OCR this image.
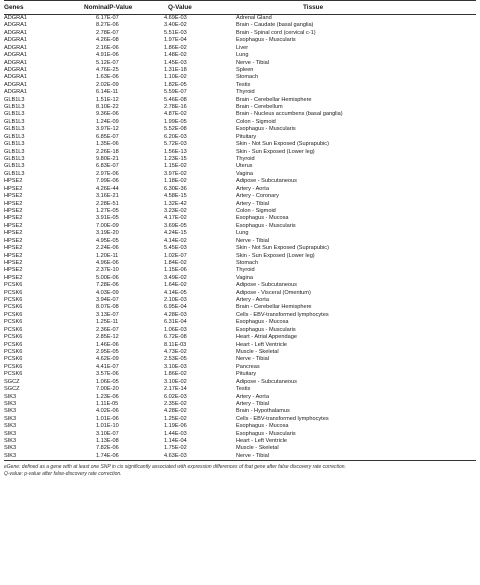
Genes	NominalP-Value	Q-Value	Tissue
ADGRA1	6.17E-07	4.69E-03	Adrenal Gland
ADGRA1	8.27E-06	3.40E-02	Brain - Caudate (basal ganglia)
ADGRA1	2.78E-07	5.51E-03	Brain - Spinal cord (cervical c-1)
ADGRA1	4.26E-08	1.97E-04	Esophagus - Muscularis
ADGRA1	2.16E-06	1.86E-02	Liver
ADGRA1	4.91E-06	1.48E-02	Lung
ADGRA1	5.12E-07	1.45E-03	Nerve - Tibial
ADGRA1	4.76E-25	1.31E-18	Spleen
ADGRA1	1.63E-06	1.10E-02	Stomach
ADGRA1	2.02E-09	1.82E-05	Testis
ADGRA1	6.14E-11	5.59E-07	Thyroid
GLB1L3	1.51E-12	5.46E-08	Brain - Cerebellar Hemisphere
GLB1L3	8.10E-22	2.78E-16	Brain - Cerebellum
GLB1L3	9.36E-06	4.87E-02	Brain - Nucleus accumbens (basal ganglia)
GLB1L3	1.24E-09	1.99E-05	Colon - Sigmoid
GLB1L3	3.97E-12	5.52E-08	Esophagus - Muscularis
GLB1L3	6.85E-07	6.20E-03	Pituitary
GLB1L3	1.35E-06	5.72E-03	Skin - Not Sun Exposed (Suprapubic)
GLB1L3	2.26E-18	1.56E-13	Skin - Sun Exposed (Lower leg)
GLB1L3	9.80E-21	1.23E-15	Thyroid
GLB1L3	6.83E-07	1.15E-02	Uterus
GLB1L3	2.97E-06	3.97E-02	Vagina
HPSE2	7.99E-06	1.18E-02	Adipose - Subcutaneous
HPSE2	4.26E-44	6.30E-36	Artery - Aorta
HPSE2	3.16E-21	4.58E-15	Artery - Coronary
HPSE2	2.28E-51	1.32E-42	Artery - Tibial
HPSE2	1.27E-05	3.23E-02	Colon - Sigmoid
HPSE2	3.91E-05	4.17E-02	Esophagus - Mucosa
HPSE2	7.00E-09	3.69E-05	Esophagus - Muscularis
HPSE2	3.19E-20	4.24E-15	Lung
HPSE2	4.95E-05	4.14E-02	Nerve - Tibial
HPSE2	2.24E-06	5.45E-03	Skin - Not Sun Exposed (Suprapubic)
HPSE2	1.20E-11	1.02E-07	Skin - Sun Exposed (Lower leg)
HPSE2	4.96E-06	1.84E-02	Stomach
HPSE2	2.37E-10	1.15E-06	Thyroid
HPSE2	5.00E-06	3.49E-02	Vagina
PCSK6	7.28E-06	1.64E-02	Adipose - Subcutaneous
PCSK6	4.03E-09	4.14E-05	Adipose - Visceral (Omentum)
PCSK6	3.94E-07	2.10E-03	Artery - Aorta
PCSK6	8.07E-08	6.95E-04	Brain - Cerebellar Hemisphere
PCSK6	3.13E-07	4.28E-03	Cells - EBV-transformed lymphocytes
PCSK6	1.25E-11	6.31E-04	Esophagus - Mucosa
PCSK6	2.36E-07	1.06E-03	Esophagus - Muscularis
PCSK6	2.85E-12	6.72E-08	Heart - Atrial Appendage
PCSK6	1.46E-06	8.11E-03	Heart - Left Ventricle
PCSK6	2.95E-05	4.73E-02	Muscle - Skeletal
PCSK6	4.62E-09	2.53E-05	Nerve - Tibial
PCSK6	4.41E-07	3.10E-03	Pancreas
PCSK6	3.57E-06	1.86E-02	Pituitary
SGCZ	1.06E-05	3.10E-02	Adipose - Subcutaneous
SGCZ	7.00E-20	2.17E-14	Testis
SIK3	1.23E-06	6.02E-03	Artery - Aorta
SIK3	1.11E-05	2.35E-02	Artery - Tibial
SIK3	4.02E-06	4.28E-02	Brain - Hypothalamus
SIK3	1.01E-06	1.25E-02	Cells - EBV-transformed lymphocytes
SIK3	1.01E-10	1.19E-06	Esophagus - Mucosa
SIK3	3.10E-07	1.44E-03	Esophagus - Muscularis
SIK3	1.13E-08	1.14E-04	Heart - Left Ventricle
SIK3	7.82E-06	1.75E-02	Muscle - Skeletal
SIK3	1.74E-06	4.63E-03	Nerve - Tibial
eGene: defined as a gene with at least one SNP in cis significantly associated with expression differences of that gene after false discovery rate correction.
Q-value: p-value after false-discovery rate correction.
